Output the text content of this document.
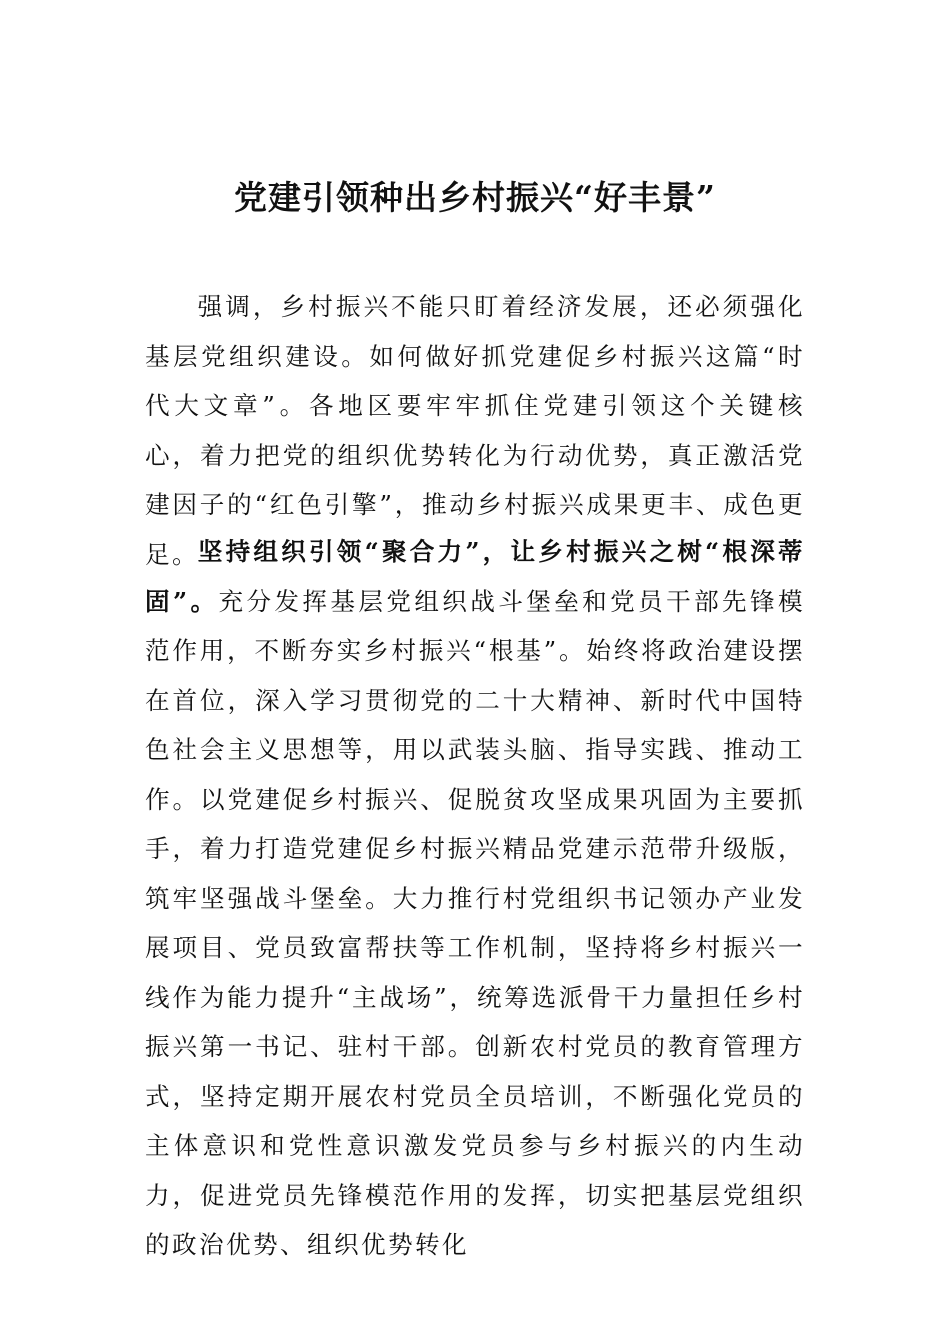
党建引领种出乡村振兴“好丰景”

强调，乡村振兴不能只盯着经济发展，还必须强化基层党组织建设。如何做好抓党建促乡村振兴这篇“时代大文章”。各地区要牢牢抓住党建引领这个关键核心，着力把党的组织优势转化为行动优势，真正激活党建因子的“红色引擎”，推动乡村振兴成果更丰、成色更足。

坚持组织引领“聚合力”，让乡村振兴之树“根深蒂固”。充分发挥基层党组织战斗堡垒和党员干部先锋模范作用，不断夯实乡村振兴“根基”。始终将政治建设摆在首位，深入学习贯彻党的二十大精神、新时代中国特色社会主义思想等，用以武装头脑、指导实践、推动工作。以党建促乡村振兴、促脱贫攻坚成果巩固为主要抓手，着力打造党建促乡村振兴精品党建示范带升级版，筑牢坚强战斗堡垒。大力推行村党组织书记领办产业发展项目、党员致富帮扶等工作机制，坚持将乡村振兴一线作为能力提升“主战场”，统筹选派骨干力量担任乡村振兴第一书记、驻村干部。创新农村党员的教育管理方式，坚持定期开展农村党员全员培训，不断强化党员的主体意识和党性意识激发党员参与乡村振兴的内生动力，促进党员先锋模范作用的发挥，切实把基层党组织的政治优势、组织优势转化
